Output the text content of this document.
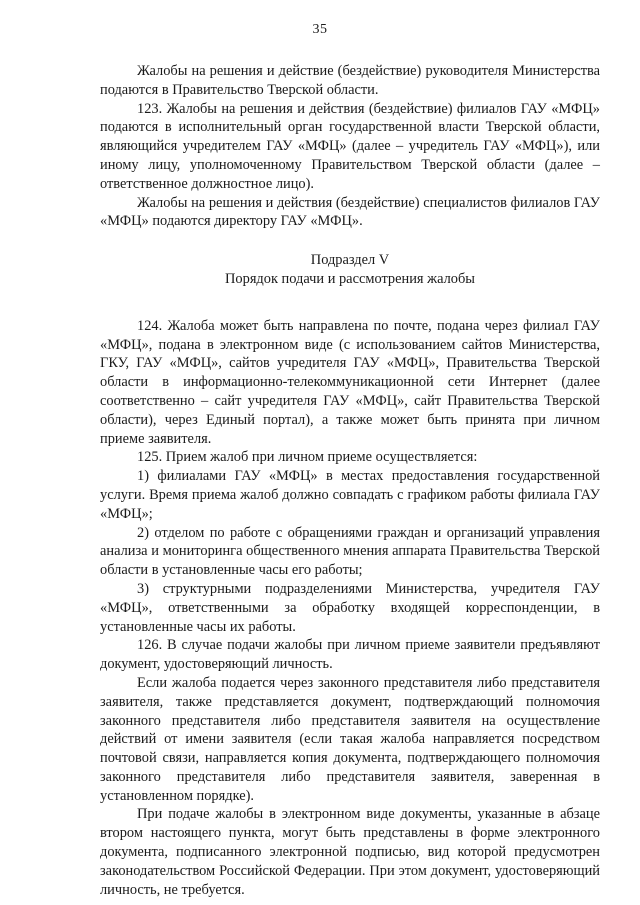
35

Жалобы на решения и действие (бездействие) руководителя Министерства подаются в Правительство Тверской области.

123. Жалобы на решения и действия (бездействие) филиалов ГАУ «МФЦ» подаются в исполнительный орган государственной власти Тверской области, являющийся учредителем ГАУ «МФЦ» (далее – учредитель ГАУ «МФЦ»), или иному лицу, уполномоченному Правительством Тверской области (далее – ответственное должностное лицо).

Жалобы на решения и действия (бездействие) специалистов филиалов ГАУ «МФЦ» подаются директору ГАУ «МФЦ».

Подраздел V

Порядок подачи и рассмотрения жалобы

124. Жалоба может быть направлена по почте, подана через филиал ГАУ «МФЦ», подана в электронном виде (с использованием сайтов Министерства, ГКУ, ГАУ «МФЦ», сайтов учредителя ГАУ «МФЦ», Правительства Тверской области в информационно-телекоммуникационной сети Интернет (далее соответственно – сайт учредителя ГАУ «МФЦ», сайт Правительства Тверской области), через Единый портал), а также может быть принята при личном приеме заявителя.

125. Прием жалоб при личном приеме осуществляется:

1) филиалами ГАУ «МФЦ» в местах предоставления государственной услуги. Время приема жалоб должно совпадать с графиком работы филиала ГАУ «МФЦ»;

2) отделом по работе с обращениями граждан и организаций управления анализа и мониторинга общественного мнения аппарата Правительства Тверской области в установленные часы его работы;

3) структурными подразделениями Министерства, учредителя ГАУ «МФЦ», ответственными за обработку входящей корреспонденции, в установленные часы их работы.

126. В случае подачи жалобы при личном приеме заявители предъявляют документ, удостоверяющий личность.

Если жалоба подается через законного представителя либо представителя заявителя, также представляется документ, подтверждающий полномочия законного представителя либо представителя заявителя на осуществление действий от имени заявителя (если такая жалоба направляется посредством почтовой связи, направляется копия документа, подтверждающего полномочия законного представителя либо представителя заявителя, заверенная в установленном порядке).

При подаче жалобы в электронном виде документы, указанные в абзаце втором настоящего пункта, могут быть представлены в форме электронного документа, подписанного электронной подписью, вид которой предусмотрен законодательством Российской Федерации. При этом документ, удостоверяющий личность, не требуется.
